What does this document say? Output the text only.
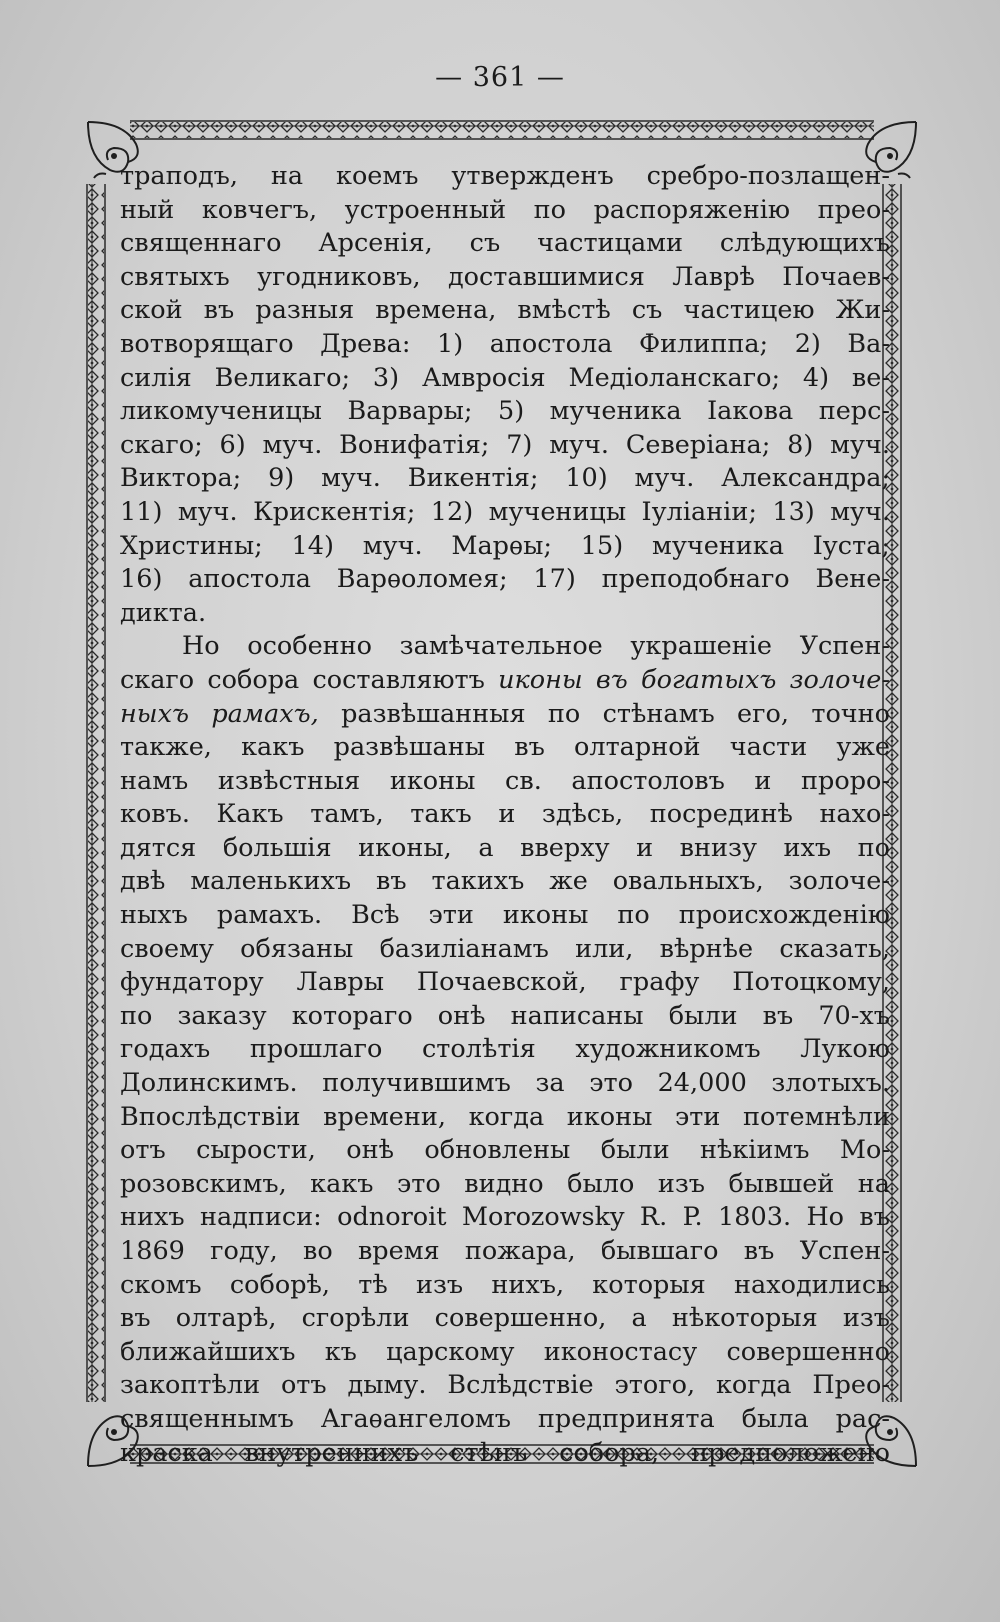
— 361 —
траподъ, на коемъ утвержденъ сребро-позлащен-
ный ковчегъ, устроенный по распоряженію прео-
священнаго Арсенія, съ частицами слѣдующихъ
святыхъ угодниковъ, доставшимися Лаврѣ Почаев-
ской въ разныя времена, вмѣстѣ съ частицею Жи-
вотворящаго Древа: 1) апостола Филиппа; 2) Ва-
силія Великаго; 3) Амвросія Медіоланскаго; 4) ве-
ликомученицы Варвары; 5) мученика Іакова перс-
скаго; 6) муч. Вонифатія; 7) муч. Северіана; 8) муч.
Виктора; 9) муч. Викентія; 10) муч. Александра;
11) муч. Крискентія; 12) мученицы Іуліаніи; 13) муч.
Христины; 14) муч. Марѳы; 15) мученика Іуста;
16) апостола Варѳоломея; 17) преподобнаго Вене-
дикта.
Но особенно замѣчательное украшеніе Успен-
скаго собора составляютъ иконы въ богатыхъ золоче-
ныхъ рамахъ, развѣшанныя по стѣнамъ его, точно
также, какъ развѣшаны въ олтарной части уже
намъ извѣстныя иконы св. апостоловъ и проро-
ковъ. Какъ тамъ, такъ и здѣсь, посрединѣ нахо-
дятся большія иконы, а вверху и внизу ихъ по
двѣ маленькихъ въ такихъ же овальныхъ, золоче-
ныхъ рамахъ. Всѣ эти иконы по происхожденію
своему обязаны базиліанамъ или, вѣрнѣе сказать,
фундатору Лавры Почаевской, графу Потоцкому,
по заказу котораго онѣ написаны были въ 70-хъ
годахъ прошлаго столѣтія художникомъ Лукою
Долинскимъ. получившимъ за это 24,000 злотыхъ.
Впослѣдствіи времени, когда иконы эти потемнѣли
отъ сырости, онѣ обновлены были нѣкіимъ Мо-
розовскимъ, какъ это видно было изъ бывшей на
нихъ надписи: odnoroit Morozowsky R. P. 1803. Но въ
1869 году, во время пожара, бывшаго въ Успен-
скомъ соборѣ, тѣ изъ нихъ, которыя находились
въ олтарѣ, сгорѣли совершенно, а нѣкоторыя изъ
ближайшихъ къ царскому иконостасу совершенно
закоптѣли отъ дыму. Вслѣдствіе этого, когда Прео-
священнымъ Агаѳангеломъ предпринята была рас-
краска внутреннихъ стѣнъ собора, предположено
